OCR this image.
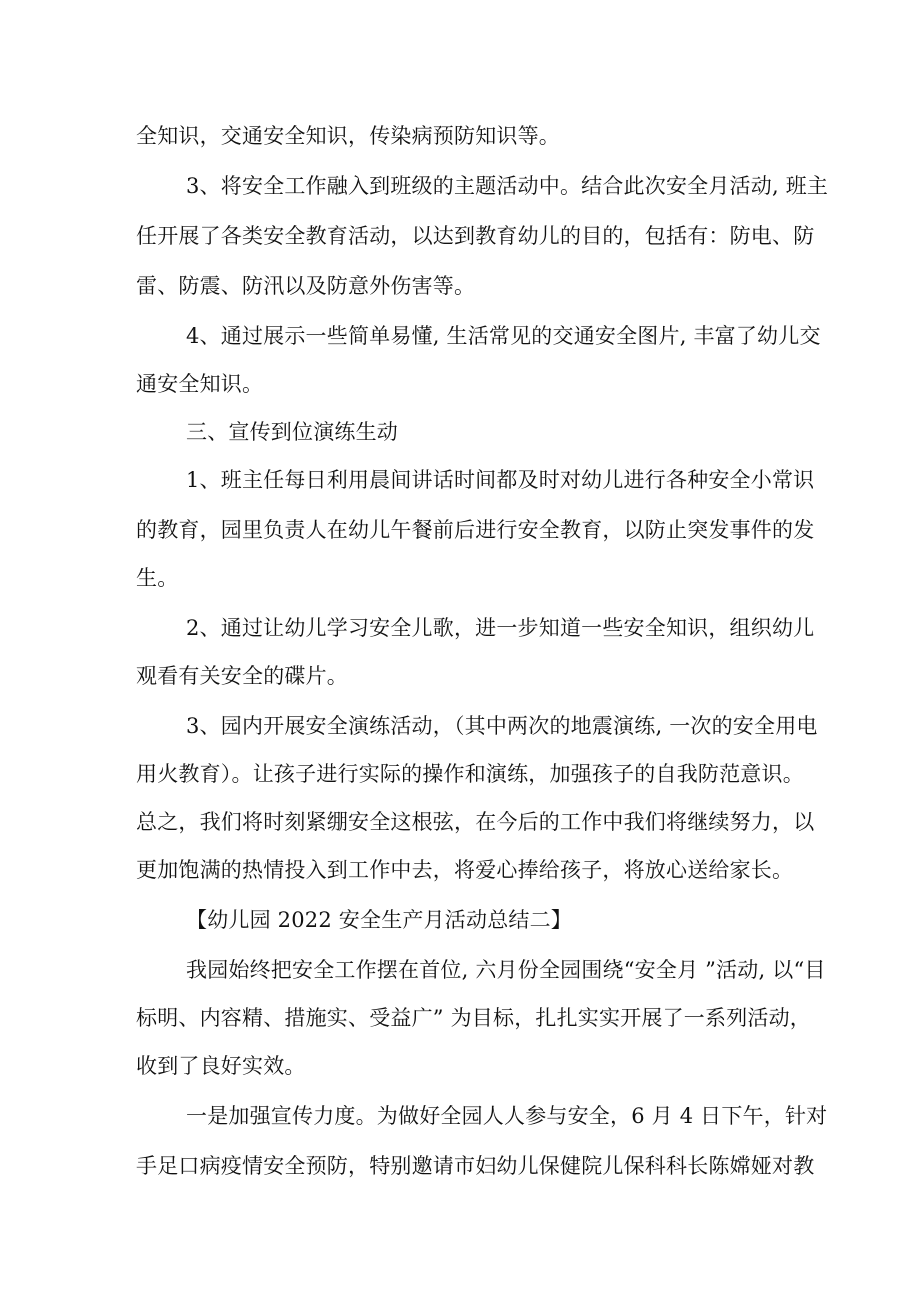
全知识，交通安全知识，传染病预防知识等。
3、将安全工作融入到班级的主题活动中。结合此次安全月活动, 班主
任开展了各类安全教育活动，以达到教育幼儿的目的，包括有：防电、防
雷、防震、防汛以及防意外伤害等。
4、通过展示一些简单易懂, 生活常见的交通安全图片, 丰富了幼儿交
通安全知识。
三、宣传到位演练生动
1、班主任每日利用晨间讲话时间都及时对幼儿进行各种安全小常识
的教育，园里负责人在幼儿午餐前后进行安全教育，以防止突发事件的发
生。
2、通过让幼儿学习安全儿歌，进一步知道一些安全知识，组织幼儿
观看有关安全的碟片。
3、园内开展安全演练活动，（其中两次的地震演练, 一次的安全用电
用火教育）。让孩子进行实际的操作和演练，加强孩子的自我防范意识。
总之，我们将时刻紧绷安全这根弦，在今后的工作中我们将继续努力，以
更加饱满的热情投入到工作中去，将爱心捧给孩子，将放心送给家长。
【幼儿园 2022 安全生产月活动总结二】
我园始终把安全工作摆在首位, 六月份全园围绕“安全月 ”活动, 以“目
标明、内容精、措施实、受益广” 为目标，扎扎实实开展了一系列活动，
收到了良好实效。
一是加强宣传力度。为做好全园人人参与安全，6 月 4 日下午，针对
手足口病疫情安全预防，特别邀请市妇幼儿保健院儿保科科长陈嫦娅对教
